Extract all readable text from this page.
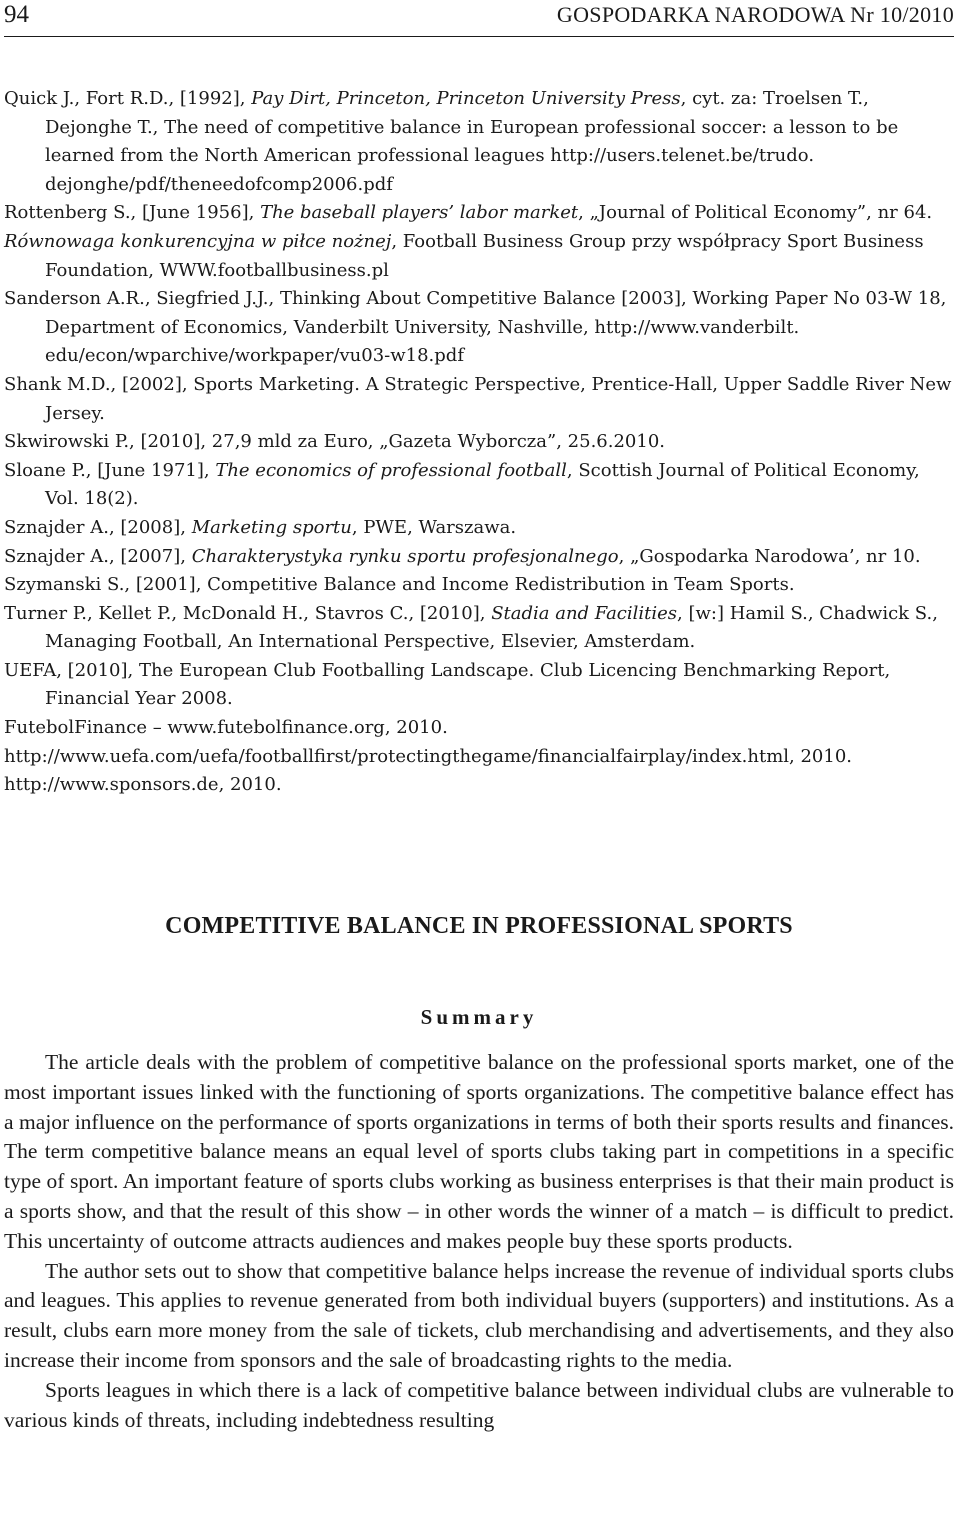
94	GOSPODARKA NARODOWA Nr 10/2010

Quick J., Fort R.D., [1992], Pay Dirt, Princeton, Princeton University Press, cyt. za: Troelsen T., Dejonghe T., The need of competitive balance in European professional soccer: a lesson to be learned from the North American professional leagues http://users.telenet.be/trudo. dejonghe/pdf/theneedofcomp2006.pdf

Rottenberg S., [June 1956], The baseball players’ labor market, „Journal of Political Economy”, nr 64.

Równowaga konkurencyjna w piłce nożnej, Football Business Group przy współpracy Sport Business Foundation, WWW.footballbusiness.pl

Sanderson A.R., Siegfried J.J., Thinking About Competitive Balance [2003], Working Paper No 03-W 18, Department of Economics, Vanderbilt University, Nashville, http://www.vanderbilt. edu/econ/wparchive/workpaper/vu03-w18.pdf

Shank M.D., [2002], Sports Marketing. A Strategic Perspective, Prentice-Hall, Upper Saddle River New Jersey.

Skwirowski P., [2010], 27,9 mld za Euro, „Gazeta Wyborcza”, 25.6.2010.

Sloane P., [June 1971], The economics of professional football, Scottish Journal of Political Economy, Vol. 18(2).

Sznajder A., [2008], Marketing sportu, PWE, Warszawa.

Sznajder A., [2007], Charakterystyka rynku sportu profesjonalnego, „Gospodarka Narodowa’, nr 10.

Szymanski S., [2001], Competitive Balance and Income Redistribution in Team Sports.

Turner P., Kellet P., McDonald H., Stavros C., [2010], Stadia and Facilities, [w:] Hamil S., Chadwick S., Managing Football, An International Perspective, Elsevier, Amsterdam.

UEFA, [2010], The European Club Footballing Landscape. Club Licencing Benchmarking Report, Financial Year 2008.

FutebolFinance – www.futebolfinance.org, 2010.

http://www.uefa.com/uefa/footballfirst/protectingthegame/financialfairplay/index.html, 2010.

http://www.sponsors.de, 2010.

COMPETITIVE BALANCE IN PROFESSIONAL SPORTS
Summary

The article deals with the problem of competitive balance on the professional sports market, one of the most important issues linked with the functioning of sports organizations. The competitive balance effect has a major influence on the performance of sports organizations in terms of both their sports results and finances. The term competitive balance means an equal level of sports clubs taking part in competitions in a specific type of sport. An important feature of sports clubs working as business enterprises is that their main product is a sports show, and that the result of this show – in other words the winner of a match – is difficult to predict. This uncertainty of outcome attracts audiences and makes people buy these sports products.

The author sets out to show that competitive balance helps increase the revenue of individual sports clubs and leagues. This applies to revenue generated from both individual buyers (supporters) and institutions. As a result, clubs earn more money from the sale of tickets, club merchandising and advertisements, and they also increase their income from sponsors and the sale of broadcasting rights to the media.

Sports leagues in which there is a lack of competitive balance between individual clubs are vulnerable to various kinds of threats, including indebtedness resulting
